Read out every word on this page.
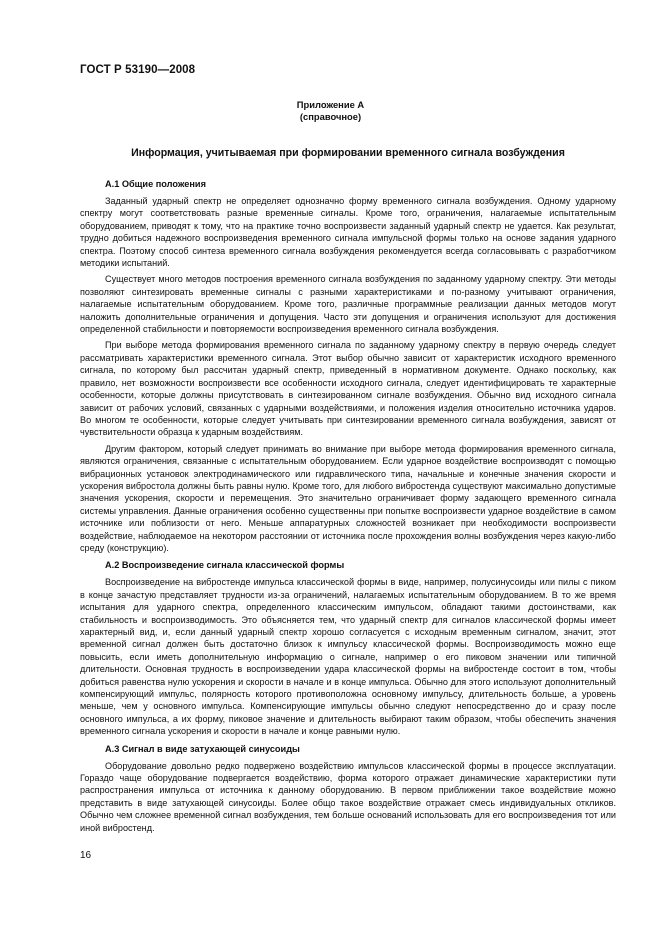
ГОСТ Р 53190—2008
Приложение А
(справочное)
Информация, учитываемая при формировании временного сигнала возбуждения
А.1 Общие положения

Заданный ударный спектр не определяет однозначно форму временного сигнала возбуждения. Одному ударному спектру могут соответствовать разные временные сигналы. Кроме того, ограничения, налагаемые испытательным оборудованием, приводят к тому, что на практике точно воспроизвести заданный ударный спектр не удается. Как результат, трудно добиться надежного воспроизведения временного сигнала импульсной формы только на основе задания ударного спектра. Поэтому способ синтеза временного сигнала возбуждения рекомендуется всегда согласовывать с разработчиком методики испытаний.

Существует много методов построения временного сигнала возбуждения по заданному ударному спектру. Эти методы позволяют синтезировать временные сигналы с разными характеристиками и по-разному учитывают ограничения, налагаемые испытательным оборудованием. Кроме того, различные программные реализации данных методов могут наложить дополнительные ограничения и допущения. Часто эти допущения и ограничения используют для достижения определенной стабильности и повторяемости воспроизведения временного сигнала возбуждения.

При выборе метода формирования временного сигнала по заданному ударному спектру в первую очередь следует рассматривать характеристики временного сигнала. Этот выбор обычно зависит от характеристик исходного временного сигнала, по которому был рассчитан ударный спектр, приведенный в нормативном документе. Однако поскольку, как правило, нет возможности воспроизвести все особенности исходного сигнала, следует идентифицировать те характерные особенности, которые должны присутствовать в синтезированном сигнале возбуждения. Обычно вид исходного сигнала зависит от рабочих условий, связанных с ударными воздействиями, и положения изделия относительно источника ударов. Во многом те особенности, которые следует учитывать при синтезировании временного сигнала возбуждения, зависят от чувствительности образца к ударным воздействиям.

Другим фактором, который следует принимать во внимание при выборе метода формирования временного сигнала, являются ограничения, связанные с испытательным оборудованием. Если ударное воздействие воспроизводят с помощью вибрационных установок электродинамического или гидравлического типа, начальные и конечные значения скорости и ускорения вибростола должны быть равны нулю. Кроме того, для любого вибростенда существуют максимально допустимые значения ускорения, скорости и перемещения. Это значительно ограничивает форму задающего временного сигнала системы управления. Данные ограничения особенно существенны при попытке воспроизвести ударное воздействие в самом источнике или поблизости от него. Меньше аппаратурных сложностей возникает при необходимости воспроизвести воздействие, наблюдаемое на некотором расстоянии от источника после прохождения волны возбуждения через какую-либо среду (конструкцию).

А.2 Воспроизведение сигнала классической формы

Воспроизведение на вибростенде импульса классической формы в виде, например, полусинусоиды или пилы с пиком в конце зачастую представляет трудности из-за ограничений, налагаемых испытательным оборудованием. В то же время испытания для ударного спектра, определенного классическим импульсом, обладают такими достоинствами, как стабильность и воспроизводимость. Это объясняется тем, что ударный спектр для сигналов классической формы имеет характерный вид, и, если данный ударный спектр хорошо согласуется с исходным временным сигналом, значит, этот временной сигнал должен быть достаточно близок к импульсу классической формы. Воспроизводимость можно еще повысить, если иметь дополнительную информацию о сигнале, например о его пиковом значении или типичной длительности. Основная трудность в воспроизведении удара классической формы на вибростенде состоит в том, чтобы добиться равенства нулю ускорения и скорости в начале и в конце импульса. Обычно для этого используют дополнительный компенсирующий импульс, полярность которого противоположна основному импульсу, длительность больше, а уровень меньше, чем у основного импульса. Компенсирующие импульсы обычно следуют непосредственно до и сразу после основного импульса, а их форму, пиковое значение и длительность выбирают таким образом, чтобы обеспечить значения временного сигнала ускорения и скорости в начале и конце равными нулю.

А.3 Сигнал в виде затухающей синусоиды

Оборудование довольно редко подвержено воздействию импульсов классической формы в процессе эксплуатации. Гораздо чаще оборудование подвергается воздействию, форма которого отражает динамические характеристики пути распространения импульса от источника к данному оборудованию. В первом приближении такое воздействие можно представить в виде затухающей синусоиды. Более общо такое воздействие отражает смесь индивидуальных откликов. Обычно чем сложнее временной сигнал возбуждения, тем больше оснований использовать для его воспроизведения тот или иной вибростенд.

16
